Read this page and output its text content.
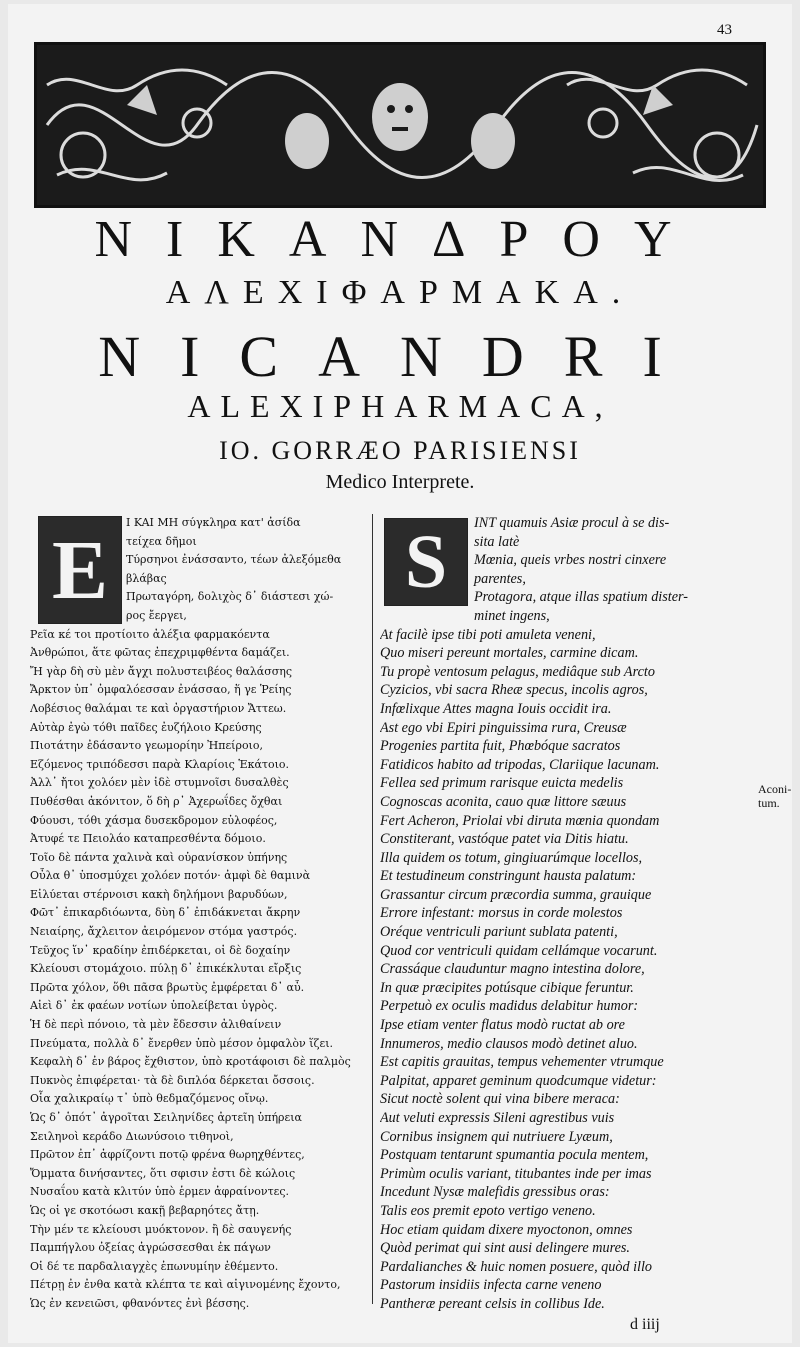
43
NIKANΔPOY
AΛEXIΦAPMAKA.
NICANDRI
ALEXIPHARMACA,
IO. GORRÆO PARISIENSI
Medico Interprete.
E
I KAI MH σύγκληρα κατ' ἀσίδα
τείχεα δῆμοι
Τύρσηνοι ἐνάσσαντο, τέων ἀλεξόμεθα
βλάβας
Πρωταγόρη, δολιχὸς δ᾽ διάστεσι χώ-
ρος ἔεργει,
Ρεῖα κέ τοι προτίοιτο ἀλέξια φαρμακόεντα
Ἀνθρώποι, ἅτε φῶτας ἐπεχριμφθέντα δαμάζει.
Ἤ γὰρ δὴ σὺ μὲν ἄγχι πολυστειβέος θαλάσσης
Ἄρκτον ὑπ᾽ ὀμφαλόεσσαν ἐνάσσαο, ἥ γε Ῥείης
Λοβέσιος θαλάμαι τε καὶ ὀργαστήριον Ἄττεω.
Αὐτὰρ ἐγὼ τόθι παῖδες ἐυζήλοιο Κρεύσης
Πιοτάτην ἐδάσαντο γεωμορίην Ἠπείροιο,
Εζόμενος τριπόδεσσι παρὰ Κλαρίοις Ἑκάτοιο.
Ἀλλ᾽ ἤτοι χολόεν μὲν ἰδὲ στυμνοῖσι δυσαλθὲς
Πυθέσθαι ἀκόνιτον, ὅ δὴ ρ᾽ Ἀχερωΐδες ὄχθαι
Φύουσι, τόθι χάσμα δυσεκδρομον εὐλοφέος,
Ἀτυφέ τε Πειολάο καταπρεσθέντα δόμοιο.
Τοῖο δὲ πάντα χαλινὰ καὶ οὐρανίσκον ὑπήνης
Οὖλα θ᾽ ὑποσμύχει χολόεν ποτόν· ἀμφὶ δὲ θαμινὰ
Εἰλύεται στέρνοισι κακὴ δηλήμονι βαρυδύων,
Φῶτ᾽ ἐπικαρδιόωντα, δὺη δ᾽ ἐπιδάκνεται ἄκρην
Νειαίρης, ἄχλειτον ἀειρόμενον στόμα γαστρός.
Τεῦχος ἵν᾽ κραδίην ἐπιδέρκεται, οἱ δὲ δοχαίην
Κλείουσι στομάχοιο. πύλῃ δ᾽ ἐπικέκλυται εἴρξις
Πρῶτα χόλον, ὅθι πᾶσα βρωτὺς ἐμφέρεται δ᾽ αὖ.
Αἰεὶ δ᾽ ἐκ φαέων νοτίων ὑπολείβεται ὑγρὸς.
Ἡ δὲ περὶ πόνοιο, τὰ μὲν ἔδεσσιν ἀλιθαίνειν
Πνεύματα, πολλὰ δ᾽ ἔνερθεν ὑπὸ μέσον ὀμφαλὸν ἵζει.
Κεφαλὴ δ᾽ ἐν βάρος ἔχθιστον, ὑπὸ κροτάφοισι δὲ παλμὸς
Πυκνὸς ἐπιφέρεται· τὰ δὲ διπλόα δέρκεται ὄσσοις.
Οἷα χαλικραίῳ τ᾽ ὑπὸ θεδμαζόμενος οἴνῳ.
Ὡς δ᾽ ὁπότ᾽ ἀγροῖται Σειληνίδες ἀρτεῖη ὑπήρεια
Σειληνοὶ κεράδο Διωνύσοιο τιθηνοὶ,
Πρῶτον ἐπ᾽ ἀφρίζοντι ποτῷ φρένα θωρηχθέντες,
Ὄμματα δινήσαντες, ὅτι σφισιν ἐστι δὲ κώλοις
Νυσαΐου κατὰ κλιτύν ὑπὸ ἑρμεν ἀφραίνοντες.
Ὡς οἱ γε σκοτόωσι κακῇ βεβαρηότες ἄτῃ.
Τὴν μέν τε κλείουσι μυόκτονον. ἢ δὲ σαυγενής
Παμπήγλου ὀξείας ἀγρώσσεσθαι ἐκ πάγων
Οἱ δέ τε παρδαλιαγχὲς ἐπωνυμίην ἐθέμεντο.
Πέτρῃ ἐν ἐνθα κατὰ κλέπτα τε καὶ αἰγινομένης ἔχοντο,
Ὡς ἐν κενειῶσι, φθανόντες ἐνὶ βέσσης.
S	INT quamuis Asiæ procul à se dis-
sita latè
Mœnia, queis vrbes nostri cinxere
parentes,
Protagora, atque illas spatium dister-
minet ingens,
At facilè ipse tibi poti amuleta veneni,
Quo miseri pereunt mortales, carmine dicam.
Tu propè ventosum pelagus, mediâque sub Arcto
Cyzicios, vbi sacra Rheæ specus, incolis agros,
Infœlixque Attes magna Iouis occidit ira.
Ast ego vbi Epiri pinguissima rura, Creusæ
Progenies partita fuit, Phœbóque sacratos
Fatidicos habito ad tripodas, Clariique lacunam.
Fellea sed primum rarisque euicta medelis
Cognoscas aconita, cauo quæ littore sæuus
Fert Acheron, Priolai vbi diruta mœnia quondam
Constiterant, vastóque patet via Ditis hiatu.
Illa quidem os totum, gingiuarúmque locellos,
Et testudineum constringunt hausta palatum:
Grassantur circum præcordia summa, grauique
Errore infestant: morsus in corde molestos
Oréque ventriculi pariunt sublata patenti,
Quod cor ventriculi quidam cellámque vocarunt.
Crassáque clauduntur magno intestina dolore,
In quæ præcipites potúsque cibique feruntur.
Perpetuò ex oculis madidus delabitur humor:
Ipse etiam venter flatus modò ructat ab ore
Innumeros, medio clausos modò detinet aluo.
Est capitis grauitas, tempus vehementer vtrumque
Palpitat, apparet geminum quodcumque videtur:
Sicut noctè solent qui vina bibere meraca:
Aut veluti expressis Sileni agrestibus vuis
Cornibus insignem qui nutriuere Lyæum,
Postquam tentarunt spumantia pocula mentem,
Primùm oculis variant, titubantes inde per imas
Incedunt Nysæ malefidis gressibus oras:
Talis eos premit epoto vertigo veneno.
Hoc etiam quidam dixere myoctonon, omnes
Quòd perimat qui sint ausi delingere mures.
Pardalianches & huic nomen posuere, quòd illo
Pastorum insidiis infecta carne veneno
Pantheræ pereant celsis in collibus Ide.
Aconi-
tum.
d iiij
